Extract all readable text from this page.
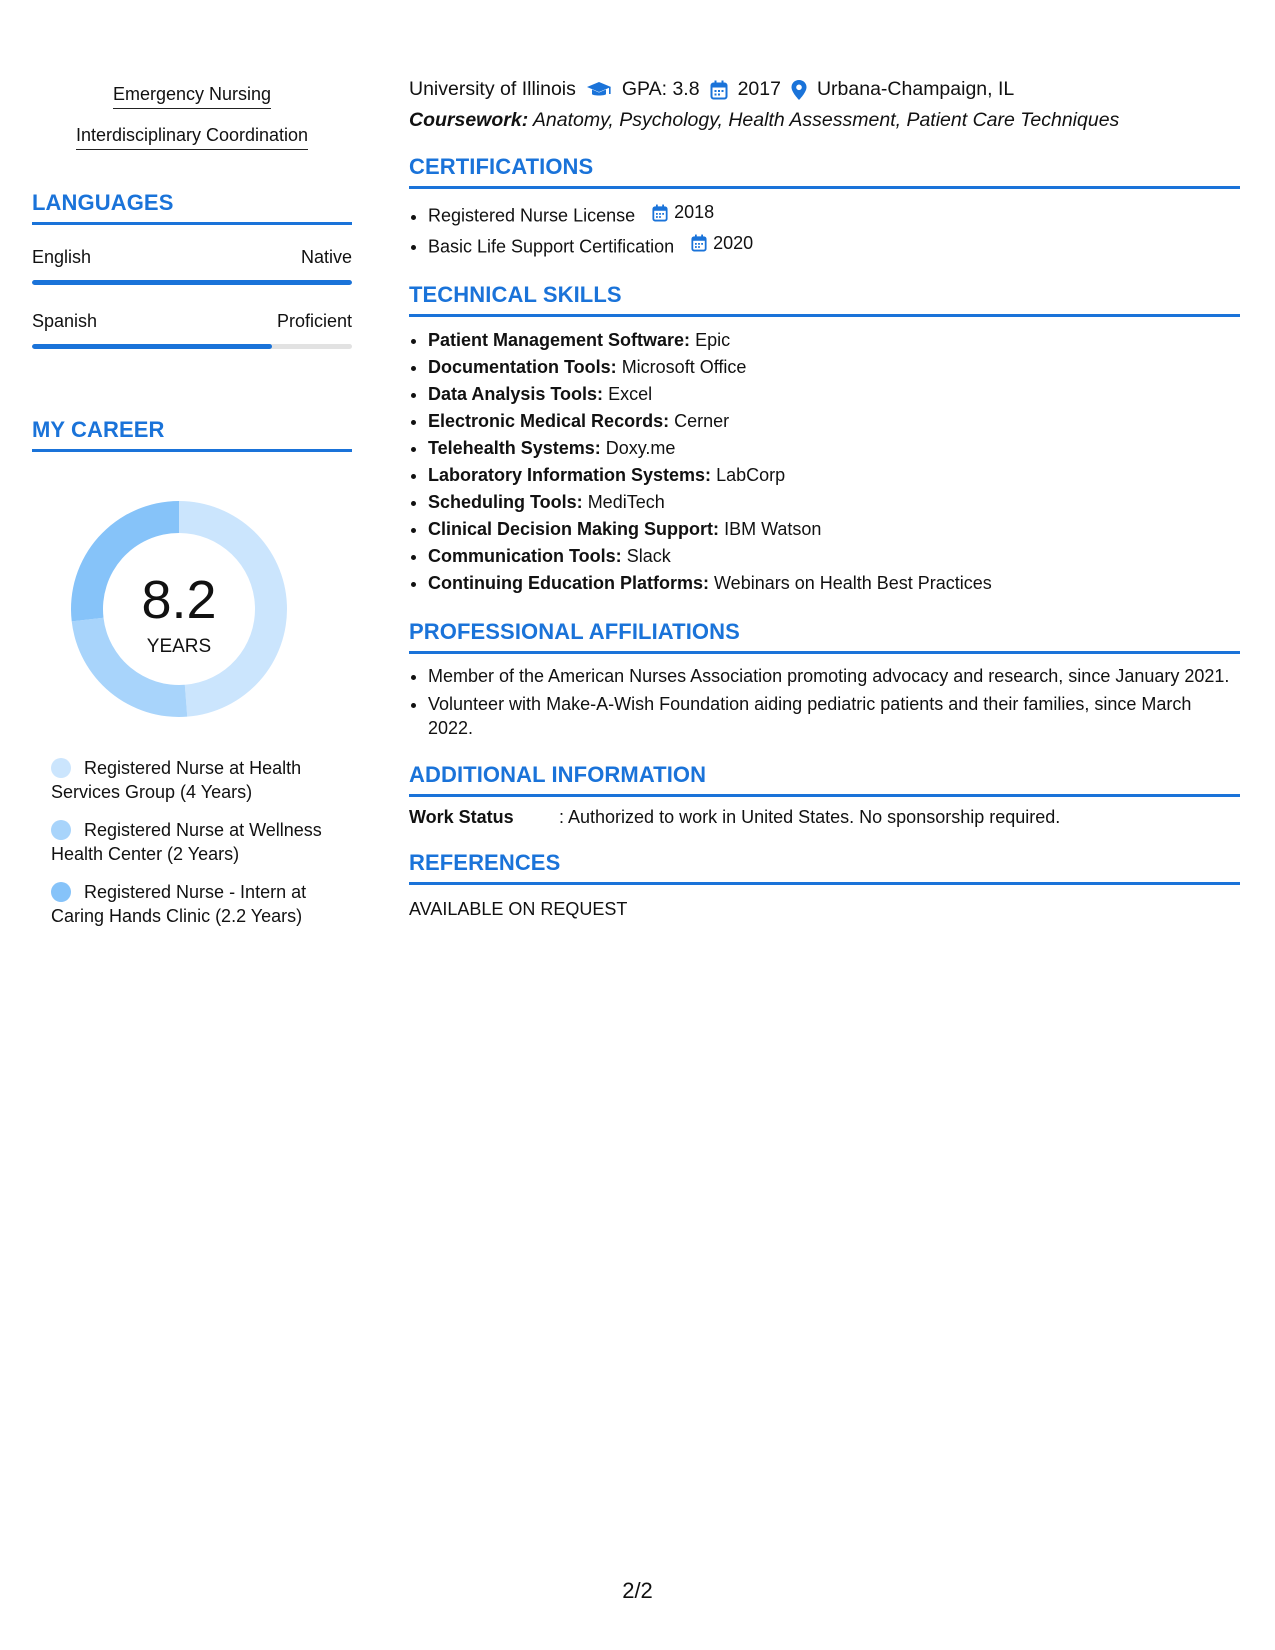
Emergency Nursing
Interdisciplinary Coordination
LANGUAGES
English	Native
Spanish	Proficient
MY CAREER
8.2
YEARS
Registered Nurse at Health Services Group (4 Years)
Registered Nurse at Wellness Health Center (2 Years)
Registered Nurse - Intern at Caring Hands Clinic (2.2 Years)
University of Illinois GPA: 3.8 2017 Urbana-Champaign, IL
Coursework: Anatomy, Psychology, Health Assessment, Patient Care Techniques
CERTIFICATIONS
• Registered Nurse License 2018
• Basic Life Support Certification 2020
TECHNICAL SKILLS
• Patient Management Software: Epic
• Documentation Tools: Microsoft Office
• Data Analysis Tools: Excel
• Electronic Medical Records: Cerner
• Telehealth Systems: Doxy.me
• Laboratory Information Systems: LabCorp
• Scheduling Tools: MediTech
• Clinical Decision Making Support: IBM Watson
• Communication Tools: Slack
• Continuing Education Platforms: Webinars on Health Best Practices
PROFESSIONAL AFFILIATIONS
• Member of the American Nurses Association promoting advocacy and research, since January 2021.
• Volunteer with Make-A-Wish Foundation aiding pediatric patients and their families, since March 2022.
ADDITIONAL INFORMATION
Work Status	: Authorized to work in United States. No sponsorship required.
REFERENCES
AVAILABLE ON REQUEST
2/2
